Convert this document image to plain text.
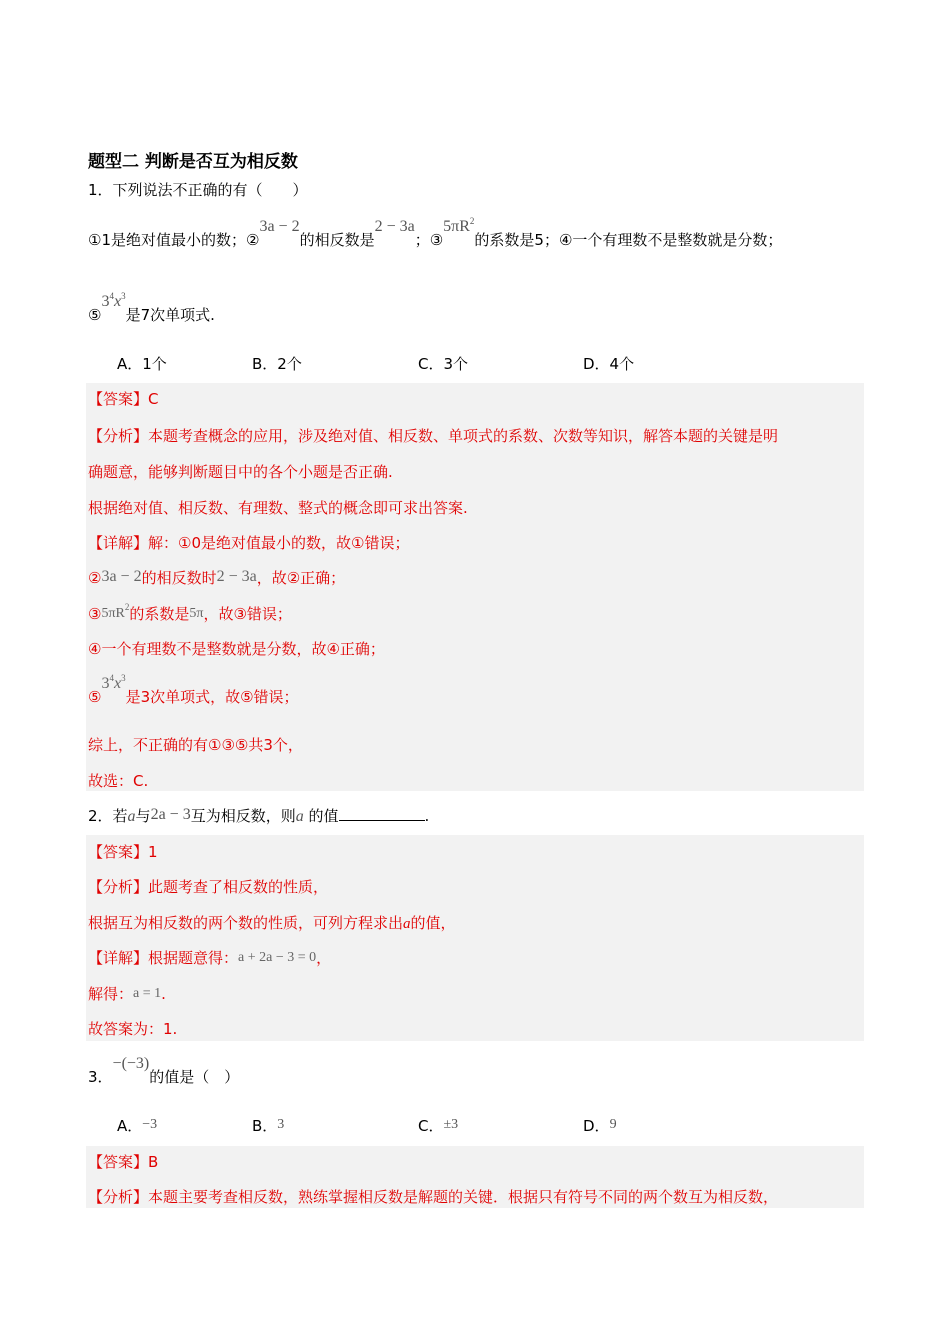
题型二 判断是否互为相反数
1．下列说法不正确的有（　　）
①1是绝对值最小的数；②3a − 2的相反数是2 − 3a；$③5\pi R^2$的系数是5；④一个有理数不是整数就是分数；
$⑤3^4x^3$是7次单项式.
A．1个	B．2个	C．3个	D．4个
【答案】C
【分析】本题考查概念的应用，涉及绝对值、相反数、单项式的系数、次数等知识，解答本题的关键是明
确题意，能够判断题目中的各个小题是否正确.
根据绝对值、相反数、有理数、整式的概念即可求出答案.
【详解】解：①0是绝对值最小的数，故①错误；
②3a − 2的相反数时2 − 3a，故②正确；
$③5\pi R^2$的系数是5π，故③错误；
④一个有理数不是整数就是分数，故④正确；
$⑤3^4x^3$是3次单项式，故⑤错误；
综上，不正确的有①③⑤共3个，
故选：C.
2．若a与2a − 3互为相反数，则a 的值	.
【答案】1
【分析】此题考查了相反数的性质，
根据互为相反数的两个数的性质，可列方程求出a的值，
【详解】根据题意得：a + 2a − 3 = 0，
解得：a = 1.
故答案为：1.
3．−(−3)的值是（　）
A．−3	B．3	C．±3	D．9
【答案】B
【分析】本题主要考查相反数，熟练掌握相反数是解题的关键．根据只有符号不同的两个数互为相反数，
